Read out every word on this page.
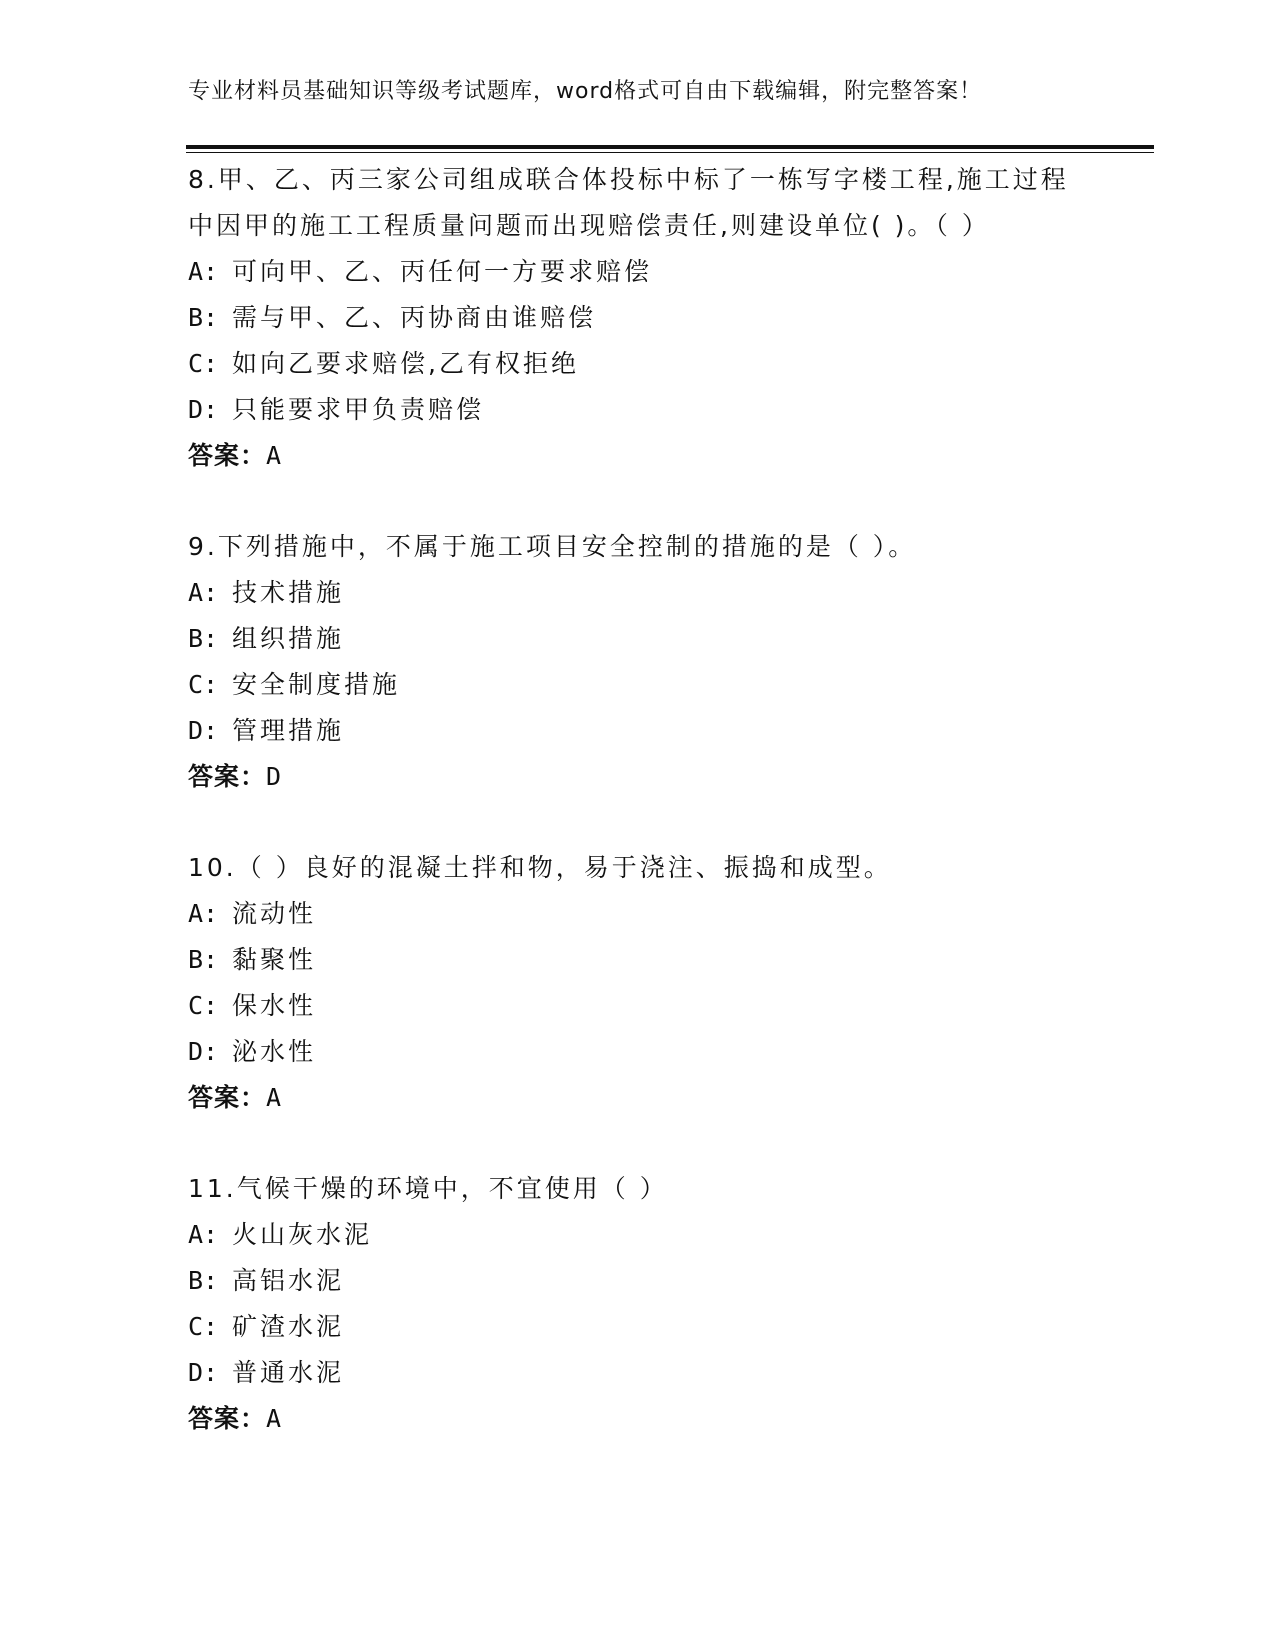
专业材料员基础知识等级考试题库，word格式可自由下载编辑，附完整答案！
8.甲、乙、丙三家公司组成联合体投标中标了一栋写字楼工程,施工过程中因甲的施工工程质量问题而出现赔偿责任,则建设单位( )。（ ）
A: 可向甲、乙、丙任何一方要求赔偿
B: 需与甲、乙、丙协商由谁赔偿
C: 如向乙要求赔偿,乙有权拒绝
D: 只能要求甲负责赔偿
答案：A
9.下列措施中，不属于施工项目安全控制的措施的是（ ）。
A: 技术措施
B: 组织措施
C: 安全制度措施
D: 管理措施
答案：D
10.（ ）良好的混凝土拌和物，易于浇注、振捣和成型。
A: 流动性
B: 黏聚性
C: 保水性
D: 泌水性
答案：A
11.气候干燥的环境中，不宜使用（ ）
A: 火山灰水泥
B: 高铝水泥
C: 矿渣水泥
D: 普通水泥
答案：A
